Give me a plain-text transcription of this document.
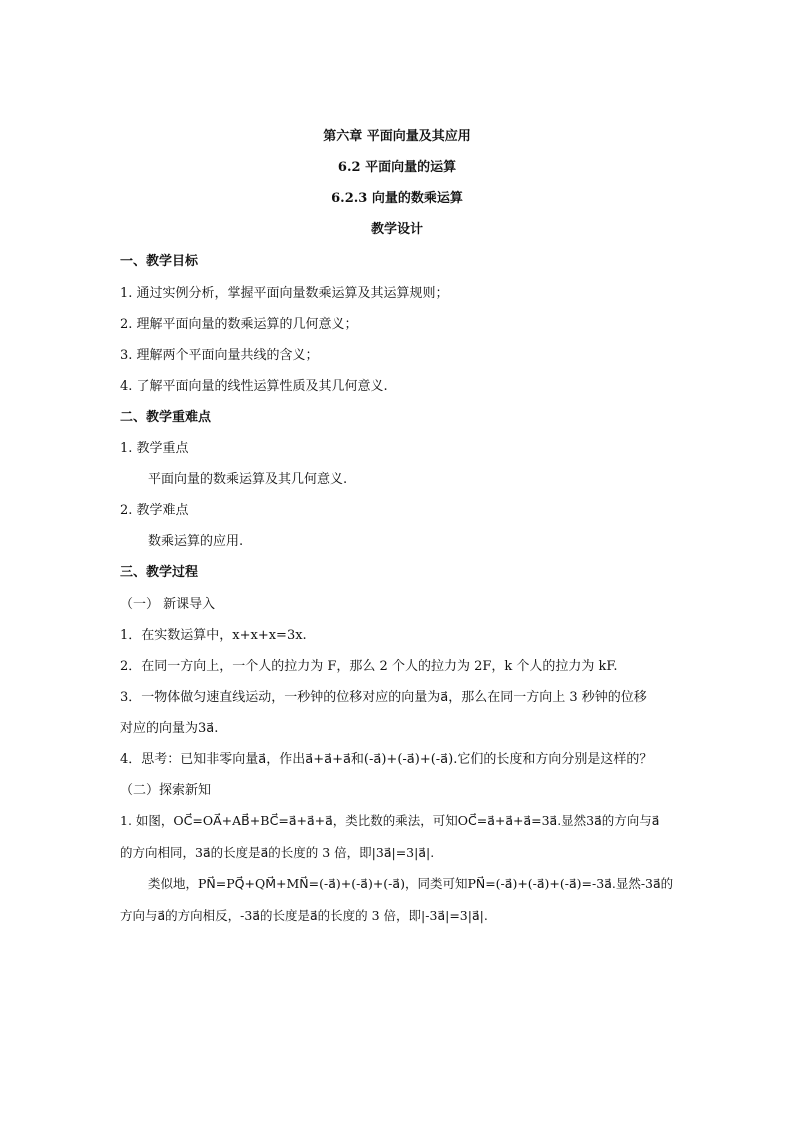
第六章 平面向量及其应用
6.2 平面向量的运算
6.2.3 向量的数乘运算
教学设计
一、教学目标
1. 通过实例分析，掌握平面向量数乘运算及其运算规则；
2. 理解平面向量的数乘运算的几何意义；
3. 理解两个平面向量共线的含义；
4. 了解平面向量的线性运算性质及其几何意义.
二、教学重难点
1. 教学重点
平面向量的数乘运算及其几何意义.
2. 教学难点
数乘运算的应用.
三、教学过程
（一） 新课导入
1．在实数运算中，x+x+x=3x.
2．在同一方向上，一个人的拉力为 F，那么 2 个人的拉力为 2F，k 个人的拉力为 kF.
3．一物体做匀速直线运动，一秒钟的位移对应的向量为a⃗，那么在同一方向上 3 秒钟的位移
对应的向量为3a⃗.
4．思考：已知非零向量a⃗，作出a⃗+a⃗+a⃗和(-a⃗)+(-a⃗)+(-a⃗).它们的长度和方向分别是这样的？
（二）探索新知
1. 如图，OC⃗=OA⃗+AB⃗+BC⃗=a⃗+a⃗+a⃗，类比数的乘法，可知OC⃗=a⃗+a⃗+a⃗=3a⃗.显然3a⃗的方向与a⃗
的方向相同，3a⃗的长度是a⃗的长度的 3 倍，即|3a⃗|=3|a⃗|.
类似地，PN⃗=PQ⃗+QM⃗+MN⃗=(-a⃗)+(-a⃗)+(-a⃗)，同类可知PN⃗=(-a⃗)+(-a⃗)+(-a⃗)=-3a⃗.显然-3a⃗的
方向与a⃗的方向相反，-3a⃗的长度是a⃗的长度的 3 倍，即|-3a⃗|=3|a⃗|.
